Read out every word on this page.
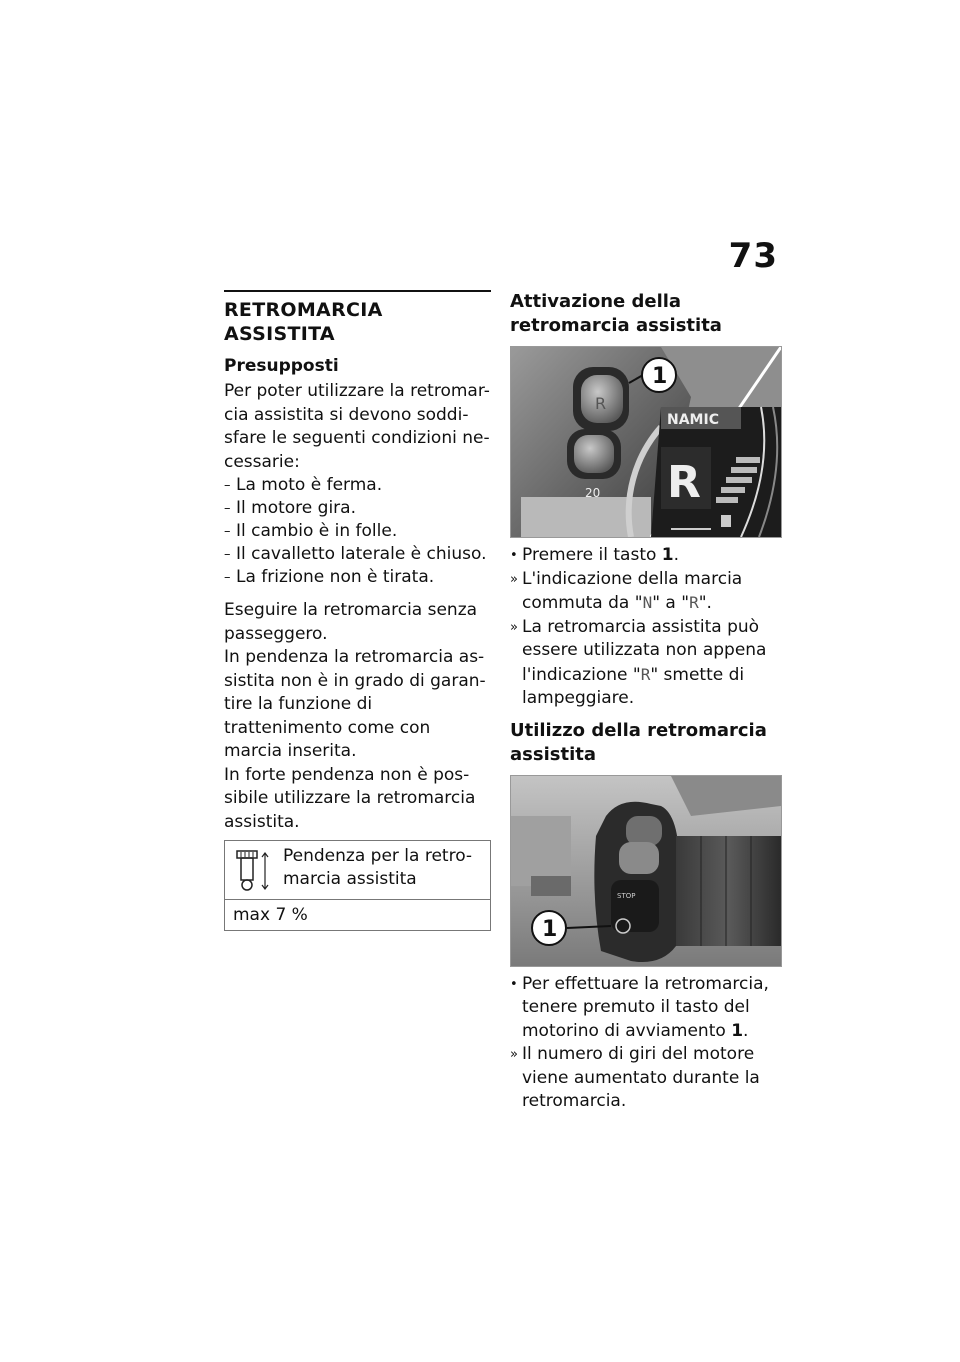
73
RETROMARCIA ASSISTITA
Presupposti

Per poter utilizzare la retromar-cia assistita si devono soddi-sfare le seguenti condizioni ne-cessarie:

– La moto è ferma.
– Il motore gira.
– Il cambio è in folle.
– Il cavalletto laterale è chiuso.
– La frizione non è tirata.

Eseguire la retromarcia senza passeggero.

In pendenza la retromarcia as-sistita non è in grado di garan-tire la funzione di trattenimento come con marcia inserita.

In forte pendenza non è pos-sibile utilizzare la retromarcia assistita.

Pendenza per la retro-marcia assistita
max 7 %
Attivazione della retromarcia assistita
R
20
NAMIC
R
1
• Premere il tasto 1.
» L'indicazione della marcia commuta da "N" a "R".
» La retromarcia assistita può essere utilizzata non appena l'indicazione "R" smette di lampeggiare.
Utilizzo della retromarcia assistita
STOP
1
• Per effettuare la retromarcia, tenere premuto il tasto del motorino di avviamento 1.
» Il numero di giri del motore viene aumentato durante la retromarcia.
